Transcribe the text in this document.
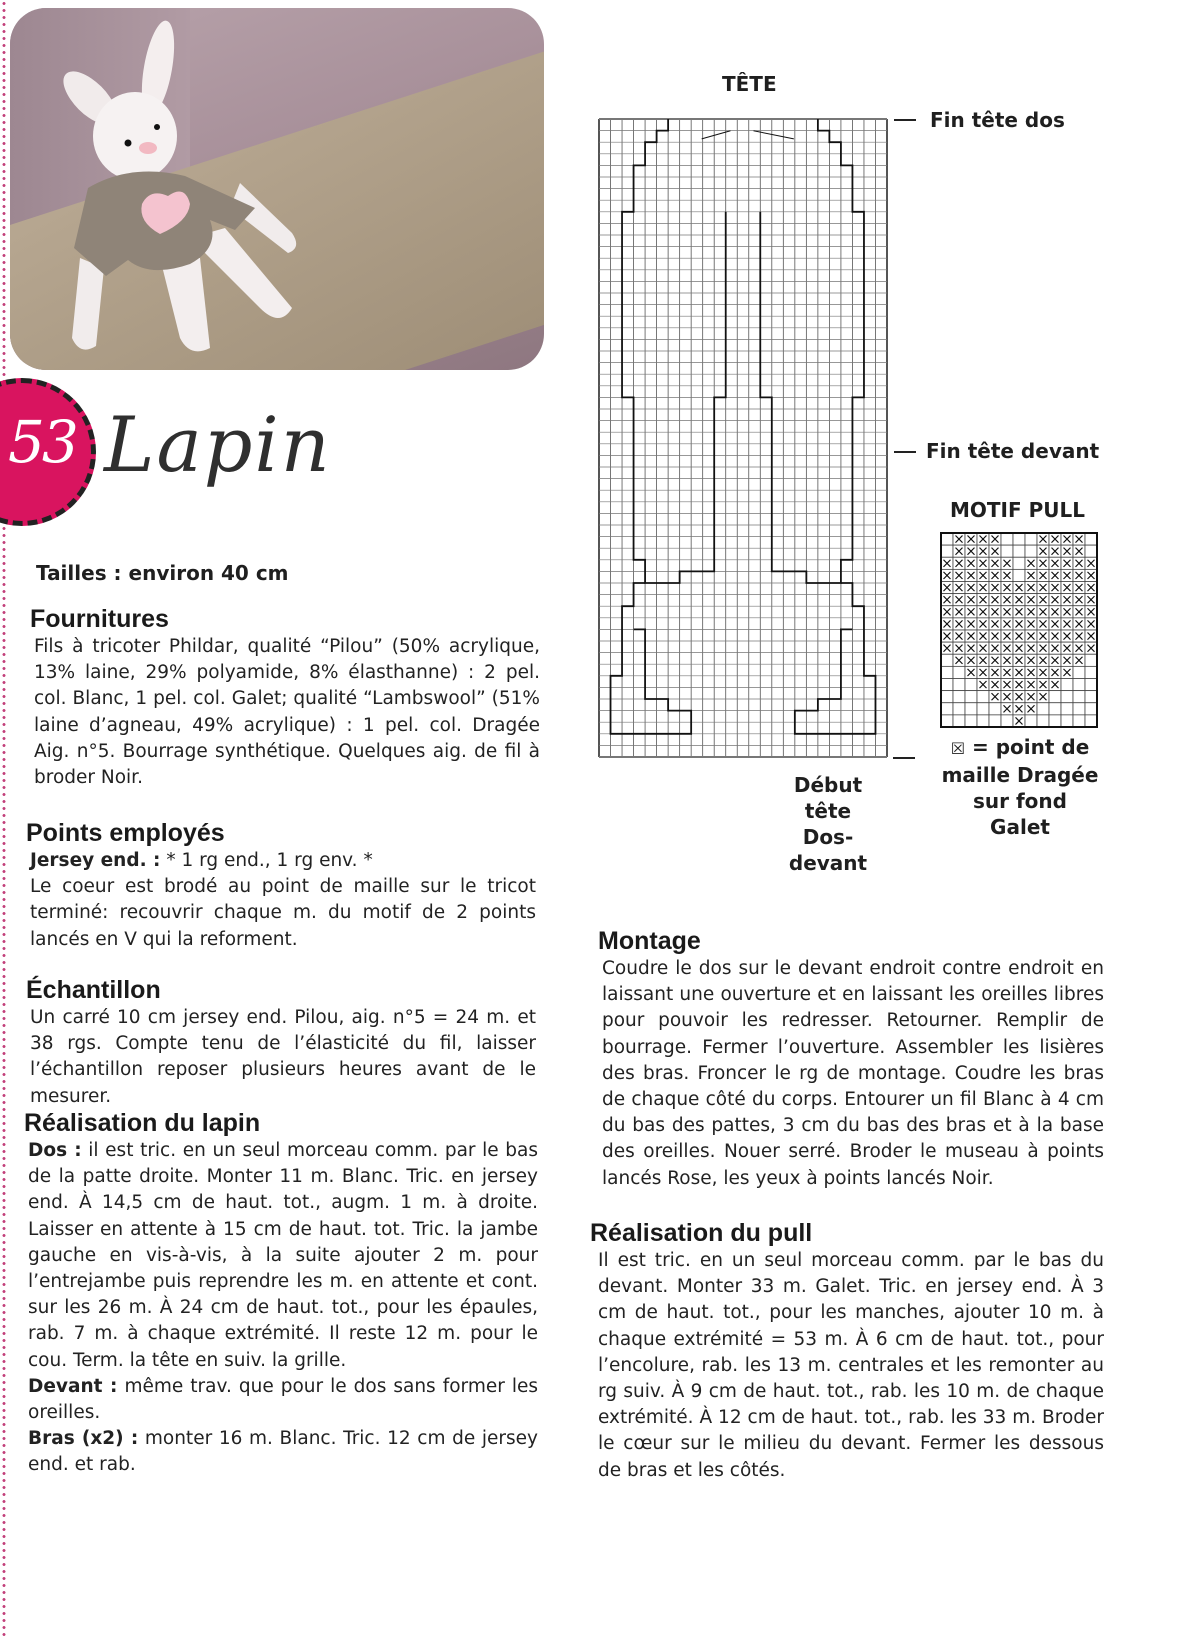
53 Lapin
Tailles : environ 40 cm
Fournitures

Fils à tricoter Phildar, qualité “Pilou” (50% acrylique, 13% laine, 29% polyamide, 8% élasthanne) : 2 pel. col. Blanc, 1 pel. col. Galet; qualité “Lambswool” (51% laine d’agneau, 49% acrylique) : 1 pel. col. Dragée Aig. n°5. Bourrage synthétique. Quelques aig. de fil à broder Noir.

Points employés

Jersey end. : * 1 rg end., 1 rg env. *

Le coeur est brodé au point de maille sur le tricot terminé: recouvrir chaque m. du motif de 2 points lancés en V qui la reforment.

Échantillon

Un carré 10 cm jersey end. Pilou, aig. n°5 = 24 m. et 38 rgs. Compte tenu de l’élasticité du fil, laisser l’échantillon reposer plusieurs heures avant de le mesurer.

Réalisation du lapin

Dos : il est tric. en un seul morceau comm. par le bas de la patte droite. Monter 11 m. Blanc. Tric. en jersey end. À 14,5 cm de haut. tot., augm. 1 m. à droite. Laisser en attente à 15 cm de haut. tot. Tric. la jambe gauche en vis-à-vis, à la suite ajouter 2 m. pour l’entrejambe puis reprendre les m. en attente et cont. sur les 26 m. À 24 cm de haut. tot., pour les épaules, rab. 7 m. à chaque extrémité. Il reste 12 m. pour le cou. Term. la tête en suiv. la grille.

Devant : même trav. que pour le dos sans former les oreilles.

Bras (x2) : monter 16 m. Blanc. Tric. 12 cm de jersey end. et rab.

Montage

Coudre le dos sur le devant endroit contre endroit en laissant une ouverture et en laissant les oreilles libres pour pouvoir les redresser. Retourner. Remplir de bourrage. Fermer l’ouverture. Assembler les lisières des bras. Froncer le rg de montage. Coudre les bras de chaque côté du corps. Entourer un fil Blanc à 4 cm du bas des pattes, 3 cm du bas des bras et à la base des oreilles. Nouer serré. Broder le museau à points lancés Rose, les yeux à points lancés Noir.

Réalisation du pull

Il est tric. en un seul morceau comm. par le bas du devant. Monter 33 m. Galet. Tric. en jersey end. À 3 cm de haut. tot., pour les manches, ajouter 10 m. à chaque extrémité = 53 m. À 6 cm de haut. tot., pour l’encolure, rab. les 13 m. centrales et les remonter au rg suiv. À 9 cm de haut. tot., rab. les 10 m. de chaque extrémité. À 12 cm de haut. tot., rab. les 33 m. Broder le cœur sur le milieu du devant. Fermer les dessous de bras et les côtés.

TÊTE
Fin tête dos
Fin tête devant
Début tête
Dos-devant
MOTIF PULL
☒ = point de
maille Dragée
sur fond Galet
